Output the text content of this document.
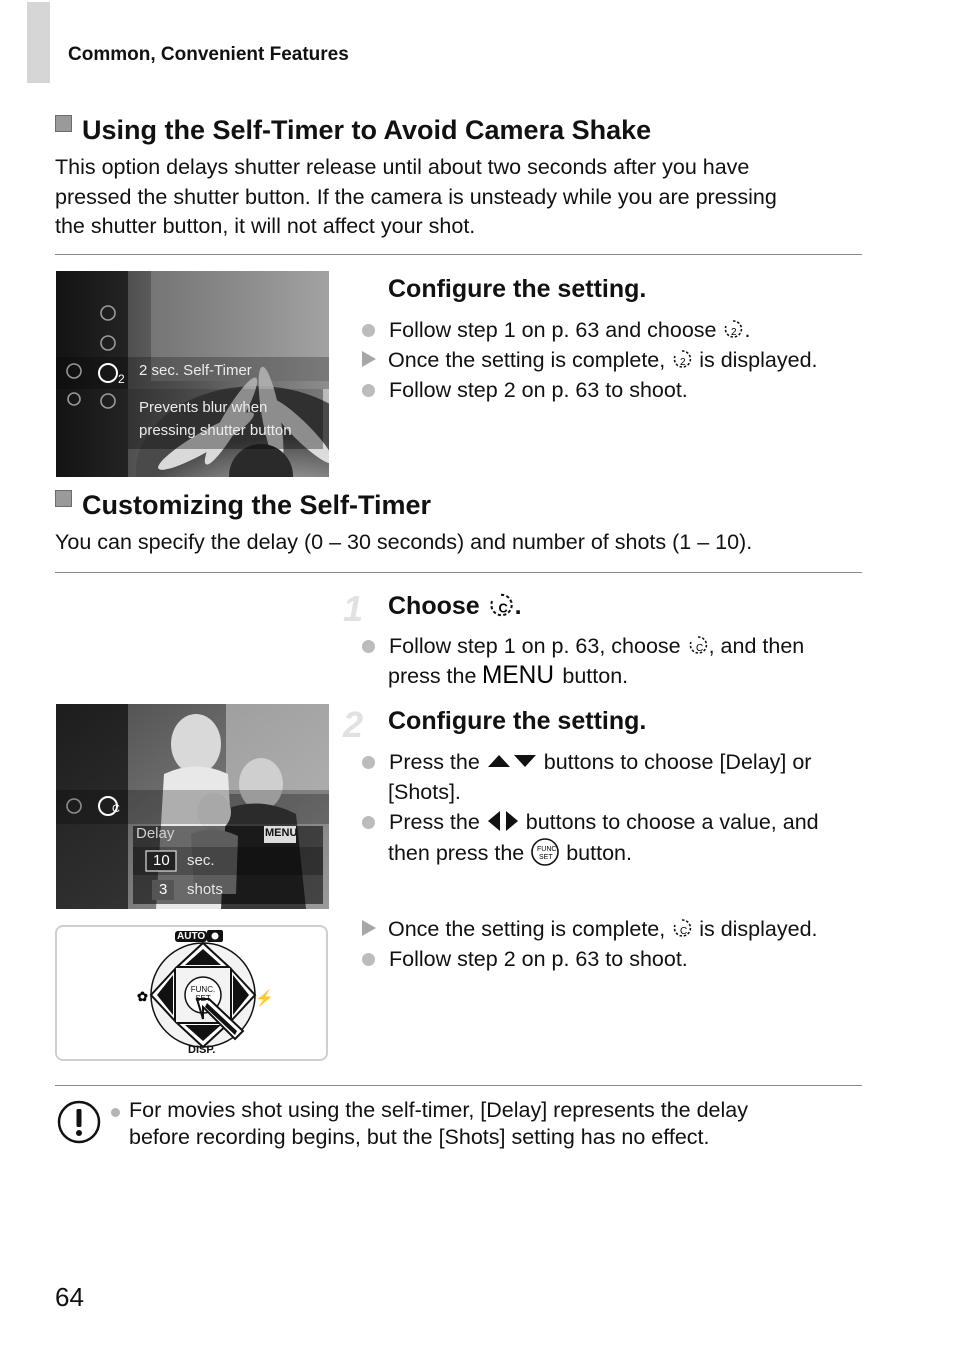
Common, Convenient Features
Using the Self-Timer to Avoid Camera Shake
This option delays shutter release until about two seconds after you have
pressed the shutter button. If the camera is unsteady while you are pressing
the shutter button, it will not affect your shot.
2 2 sec. Self-Timer
Prevents blur when
pressing shutter button
Configure the setting.
Follow step 1 on p. 63 and choose 2 .
Once the setting is complete, 2 is displayed.
Follow step 2 on p. 63 to shoot.
Customizing the Self-Timer
You can specify the delay (0 – 30 seconds) and number of shots (1 – 10).
1 Choose C .
Follow step 1 on p. 63, choose C , and then
press the MENU button.
C
Delay
10 sec.
3 shots
MENU
2 Configure the setting.
Press the  buttons to choose [Delay] or
[Shots].
Press the  buttons to choose a value, and
then press the FUNC
SET button.
✿	⚡
AUTO
DISP.
FUNC.
SET
Once the setting is complete, C is displayed.
Follow step 2 on p. 63 to shoot.
For movies shot using the self-timer, [Delay] represents the delay
before recording begins, but the [Shots] setting has no effect.
64
